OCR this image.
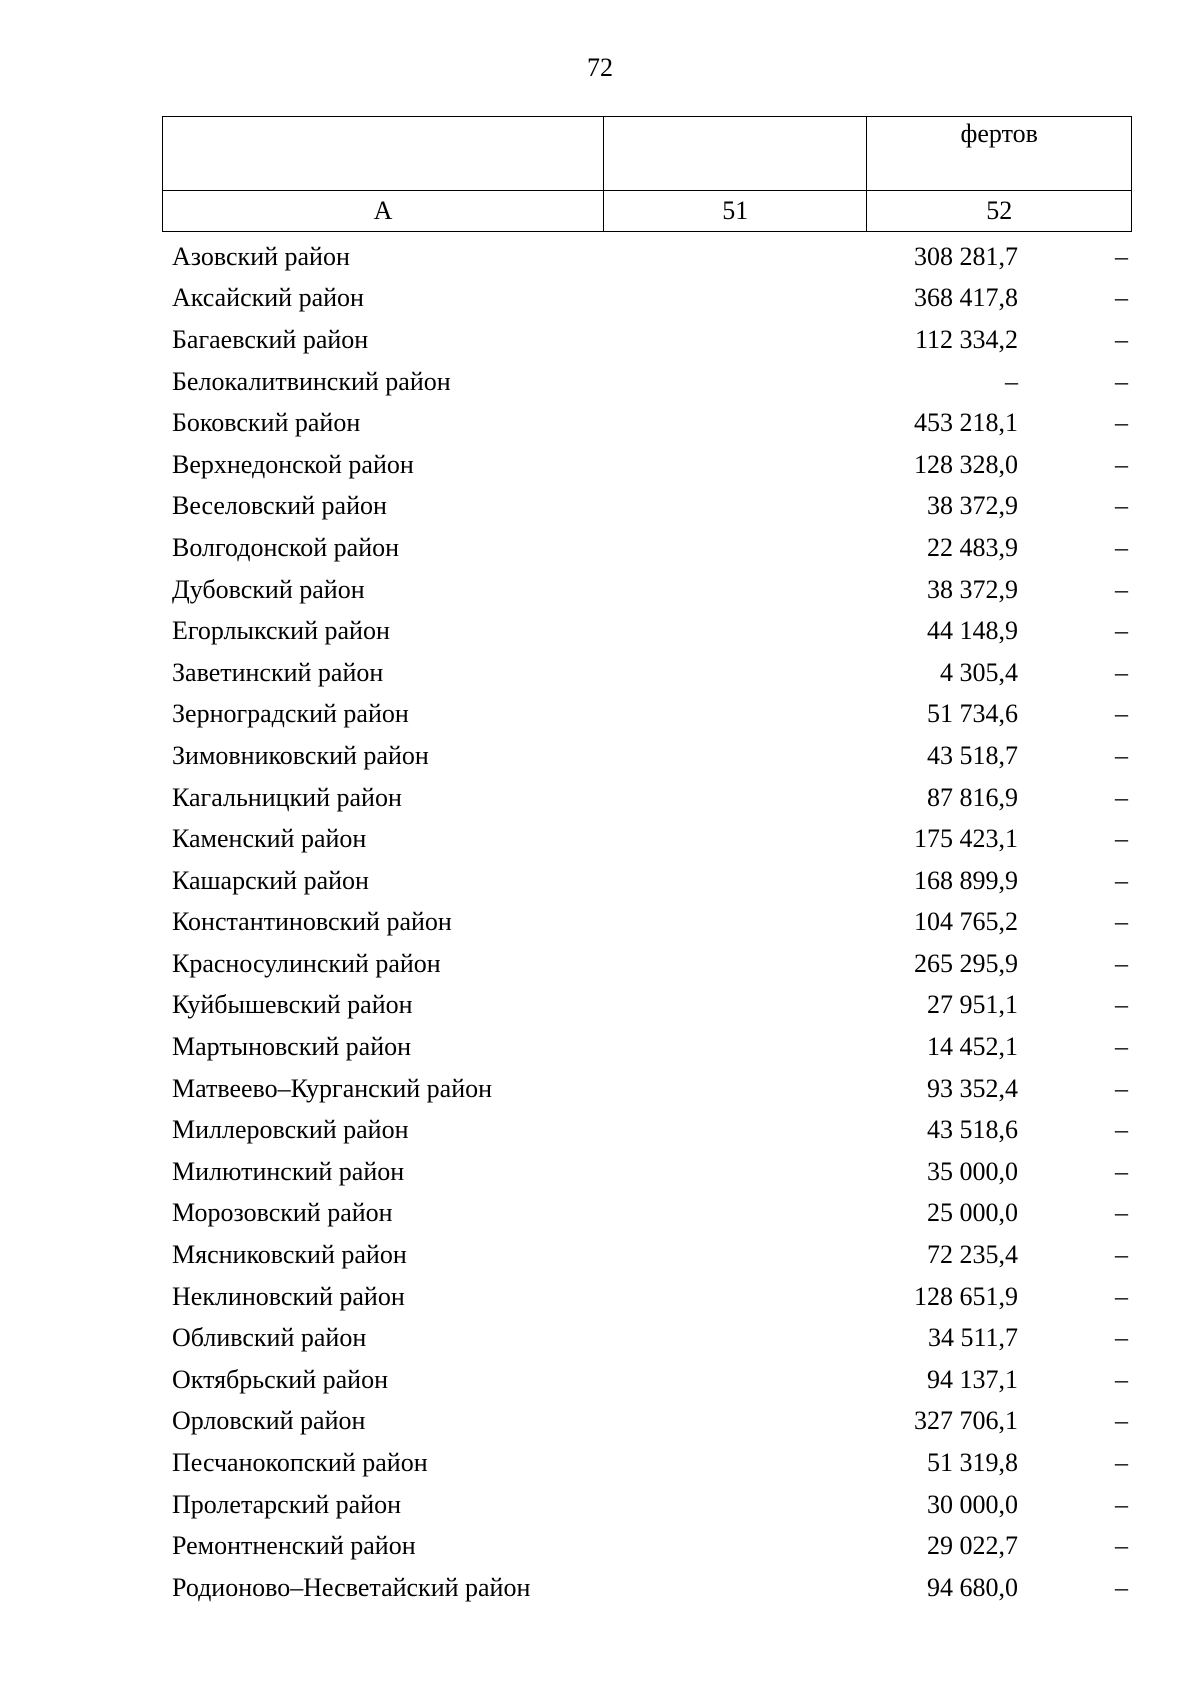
72

		фертов

А	51	52
Азовский район	308 281,7	–
Аксайский район	368 417,8	–
Багаевский район	112 334,2	–
Белокалитвинский район	–	–
Боковский район	453 218,1	–
Верхнедонской район	128 328,0	–
Веселовский район	38 372,9	–
Волгодонской район	22 483,9	–
Дубовский район	38 372,9	–
Егорлыкский район	44 148,9	–
Заветинский район	4 305,4	–
Зерноградский район	51 734,6	–
Зимовниковский район	43 518,7	–
Кагальницкий район	87 816,9	–
Каменский район	175 423,1	–
Кашарский район	168 899,9	–
Константиновский район	104 765,2	–
Красносулинский район	265 295,9	–
Куйбышевский район	27 951,1	–
Мартыновский район	14 452,1	–
Матвеево–Курганский район	93 352,4	–
Миллеровский район	43 518,6	–
Милютинский район	35 000,0	–
Морозовский район	25 000,0	–
Мясниковский район	72 235,4	–
Неклиновский район	128 651,9	–
Обливский район	34 511,7	–
Октябрьский район	94 137,1	–
Орловский район	327 706,1	–
Песчанокопский район	51 319,8	–
Пролетарский район	30 000,0	–
Ремонтненский район	29 022,7	–
Родионово–Несветайский район	94 680,0	–
